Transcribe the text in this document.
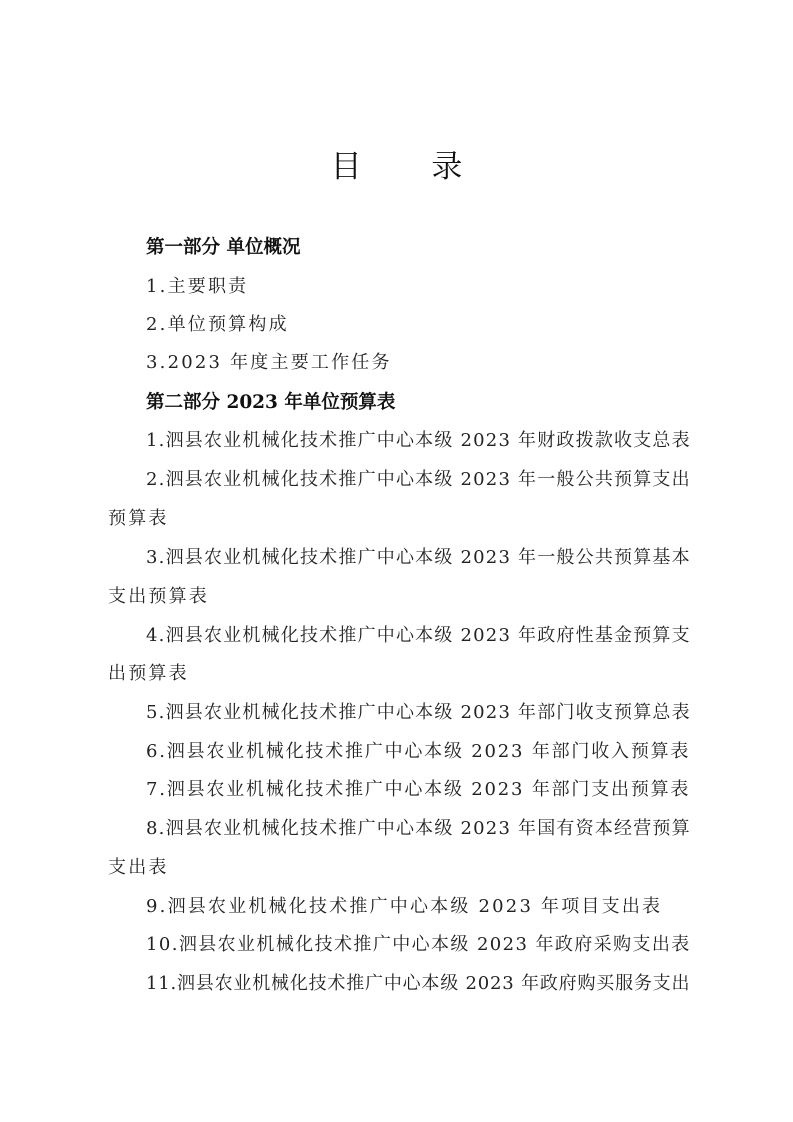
目 录
第一部分 单位概况
1.主要职责
2.单位预算构成
3.2023 年度主要工作任务
第二部分 2023 年单位预算表
1.泗县农业机械化技术推广中心本级 2023 年财政拨款收支总表
2.泗县农业机械化技术推广中心本级 2023 年一般公共预算支出
预算表
3.泗县农业机械化技术推广中心本级 2023 年一般公共预算基本
支出预算表
4.泗县农业机械化技术推广中心本级 2023 年政府性基金预算支
出预算表
5.泗县农业机械化技术推广中心本级 2023 年部门收支预算总表
6.泗县农业机械化技术推广中心本级 2023 年部门收入预算表
7.泗县农业机械化技术推广中心本级 2023 年部门支出预算表
8.泗县农业机械化技术推广中心本级 2023 年国有资本经营预算
支出表
9.泗县农业机械化技术推广中心本级 2023 年项目支出表
10.泗县农业机械化技术推广中心本级 2023 年政府采购支出表
11.泗县农业机械化技术推广中心本级 2023 年政府购买服务支出
